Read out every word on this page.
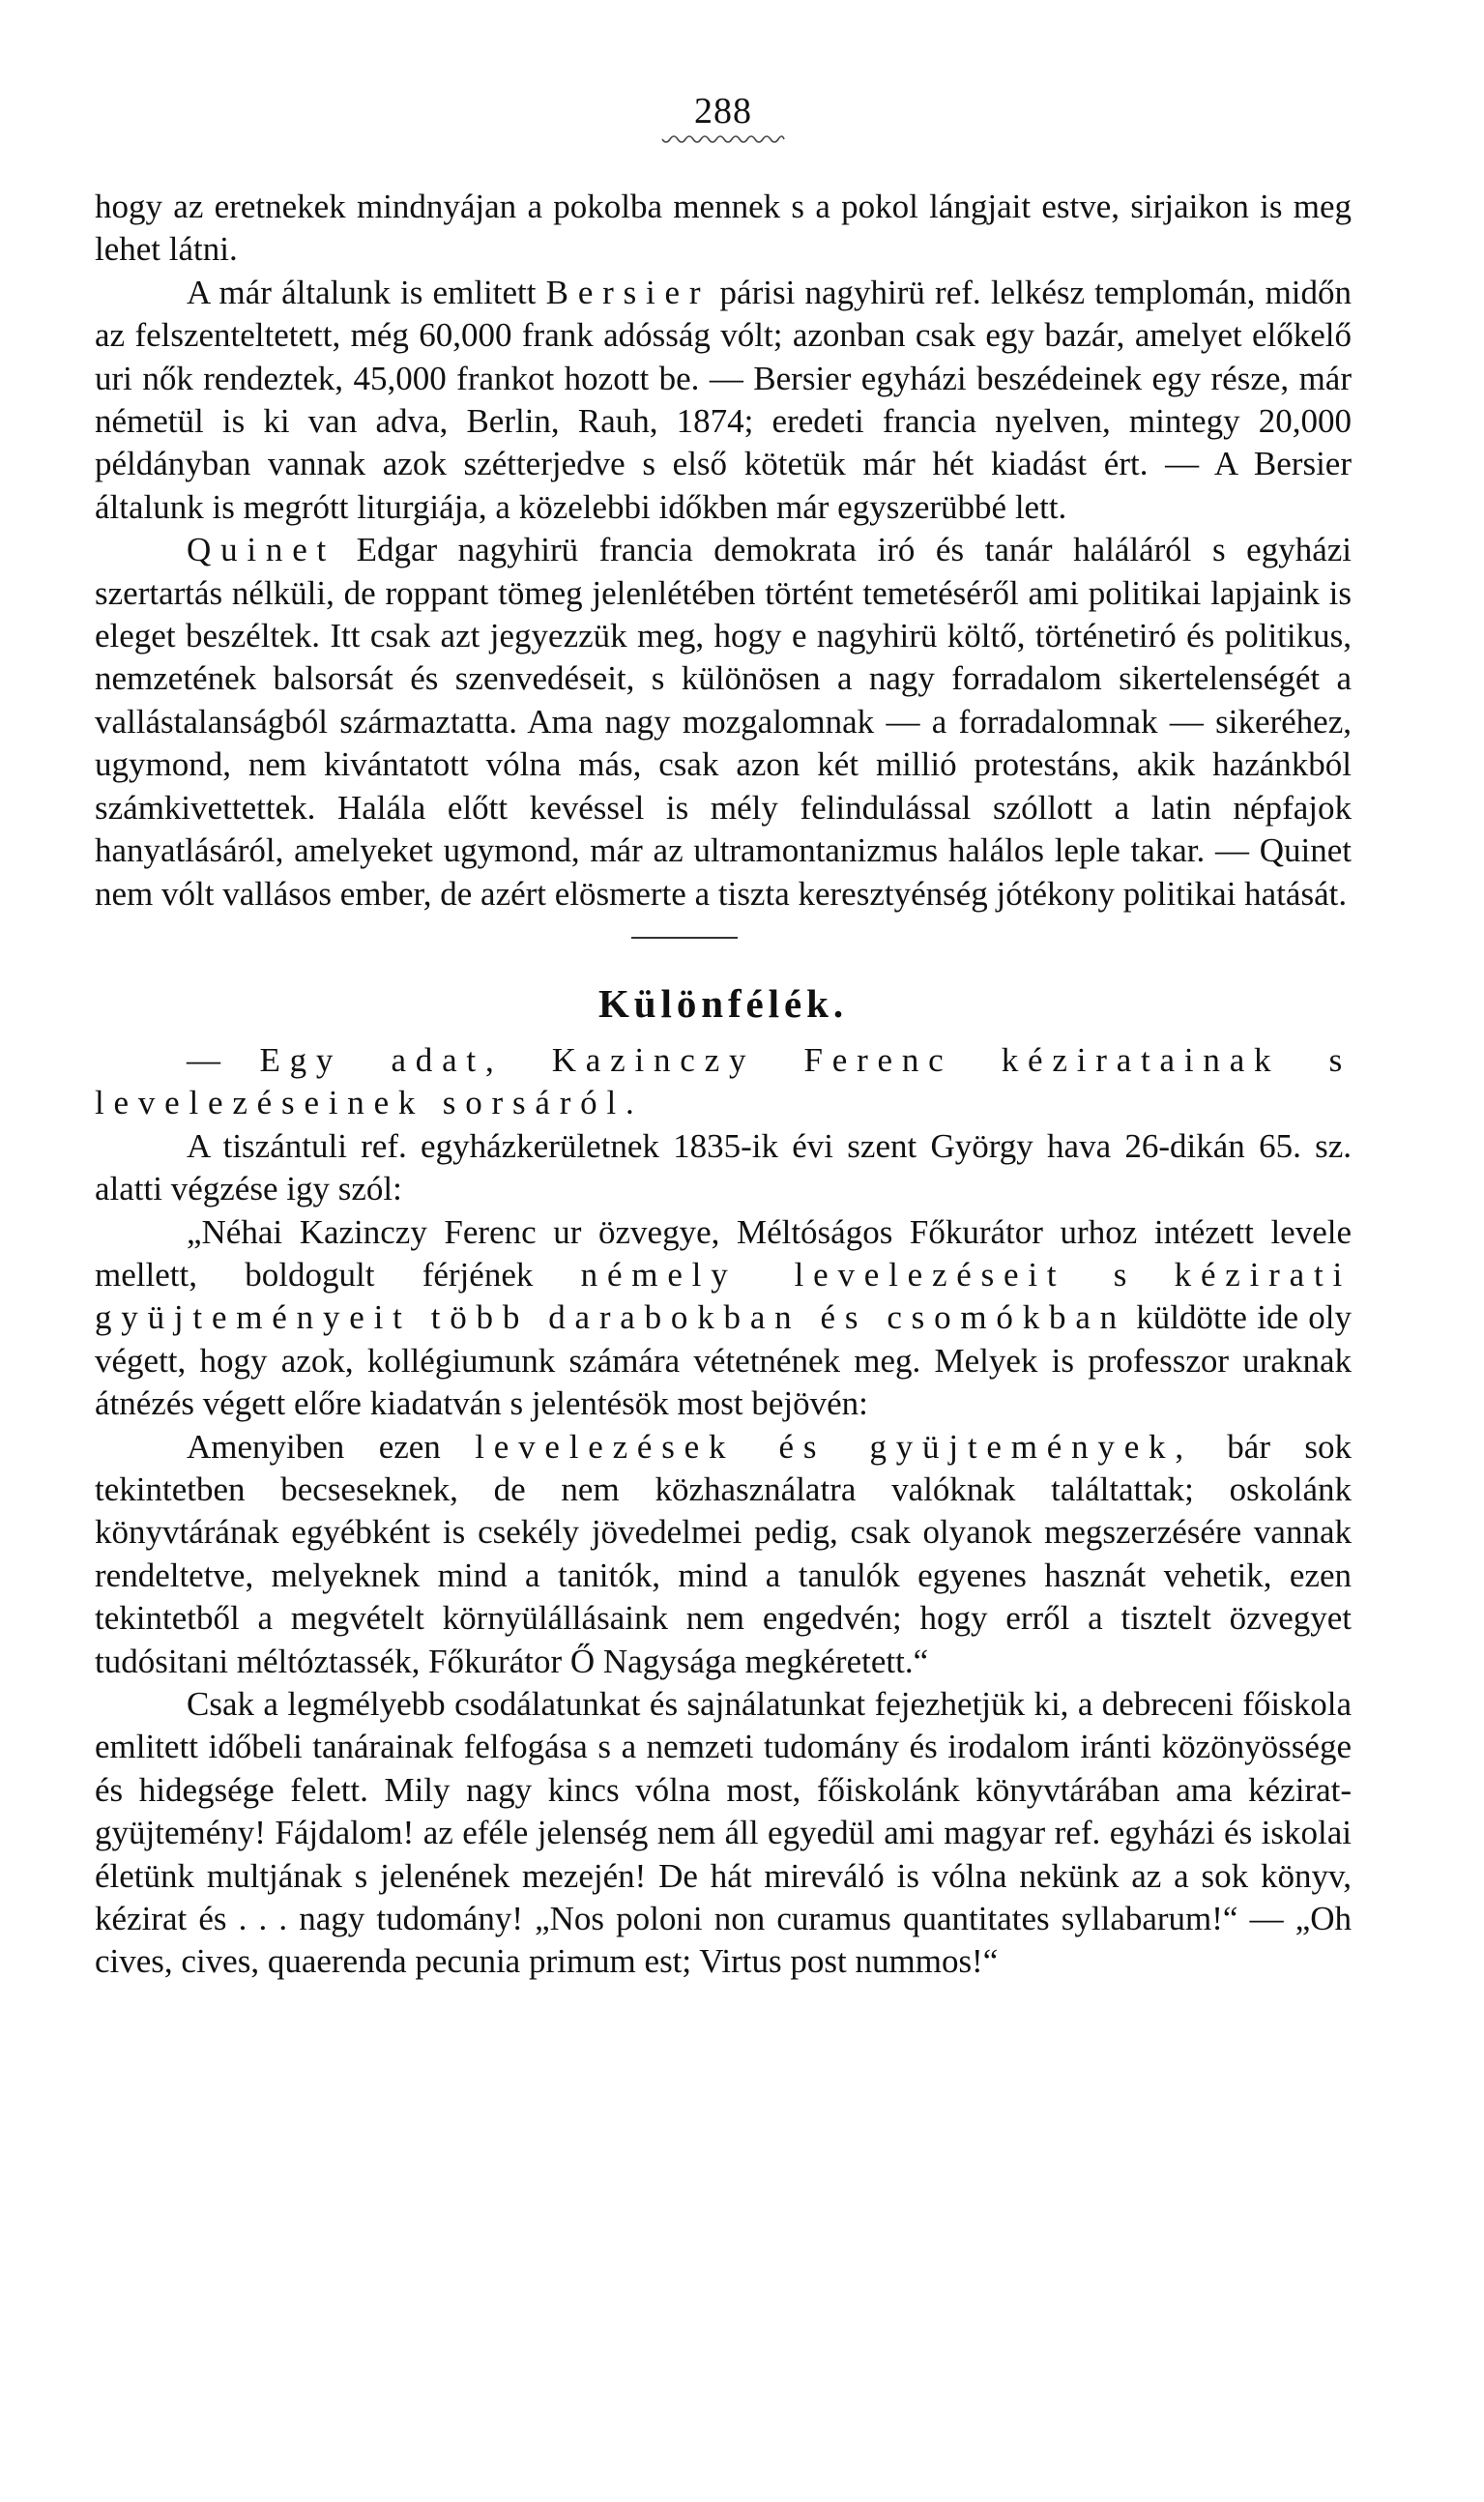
288

hogy az eretnekek mindnyájan a pokolba mennek s a pokol lángjait estve, sirjaikon is meg lehet látni.

A már általunk is emlitett Bersier párisi nagyhirü ref. lelkész templomán, midőn az felszenteltetett, még 60,000 frank adósság vólt; azonban csak egy bazár, amelyet előkelő uri nők rendeztek, 45,000 frankot hozott be. — Bersier egyházi beszédeinek egy része, már németül is ki van adva, Berlin, Rauh, 1874; eredeti francia nyelven, mintegy 20,000 példányban vannak azok szétterjedve s első kötetük már hét kiadást ért. — A Bersier általunk is megrótt liturgiája, a közelebbi időkben már egyszerübbé lett.

Quinet Edgar nagyhirü francia demokrata iró és tanár haláláról s egyházi szertartás nélküli, de roppant tömeg jelenlétében történt temetéséről ami politikai lapjaink is eleget beszéltek. Itt csak azt jegyezzük meg, hogy e nagyhirü költő, történetiró és politikus, nemzetének balsorsát és szenvedéseit, s különösen a nagy forradalom sikertelenségét a vallástalanságból származtatta. Ama nagy mozgalomnak — a forradalomnak — sikeréhez, ugymond, nem kivántatott vólna más, csak azon két millió protestáns, akik hazánkból számkivettettek. Halála előtt kevéssel is mély felindulással szóllott a latin népfajok hanyatlásáról, amelyeket ugymond, már az ultramontanizmus halálos leple takar. — Quinet nem vólt vallásos ember, de azért elösmerte a tiszta keresztyénség jótékony politikai hatását.

Különfélék.

— Egy adat, Kazinczy Ferenc kéziratainak s levelezéseinek sorsáról.

A tiszántuli ref. egyházkerületnek 1835-ik évi szent György hava 26-dikán 65. sz. alatti végzése igy szól:

„Néhai Kazinczy Ferenc ur özvegye, Méltóságos Főkurátor urhoz intézett levele mellett, boldogult férjének némely levelezéseit s kézirati gyüjteményeit több darabokban és csomókban küldötte ide oly végett, hogy azok, kollégiumunk számára vétetnének meg. Melyek is professzor uraknak átnézés végett előre kiadatván s jelentésök most bejövén:

Amenyiben ezen levelezések és gyüjtemények, bár sok tekintetben becseseknek, de nem közhasználatra valóknak találtattak; oskolánk könyvtárának egyébként is csekély jövedelmei pedig, csak olyanok megszerzésére vannak rendeltetve, melyeknek mind a tanitók, mind a tanulók egyenes hasznát vehetik, ezen tekintetből a megvételt környülállásaink nem engedvén; hogy erről a tisztelt özvegyet tudósitani méltóztassék, Főkurátor Ő Nagysága megkéretett.“

Csak a legmélyebb csodálatunkat és sajnálatunkat fejezhetjük ki, a debreceni főiskola emlitett időbeli tanárainak felfogása s a nemzeti tudomány és irodalom iránti közönyössége és hidegsége felett. Mily nagy kincs vólna most, főiskolánk könyvtárában ama kézirat-gyüjtemény! Fájdalom! az eféle jelenség nem áll egyedül ami magyar ref. egyházi és iskolai életünk multjának s jelenének mezején! De hát mireváló is vólna nekünk az a sok könyv, kézirat és . . . nagy tudomány! „Nos poloni non curamus quantitates syllabarum!“ — „Oh cives, cives, quaerenda pecunia primum est; Virtus post nummos!“
